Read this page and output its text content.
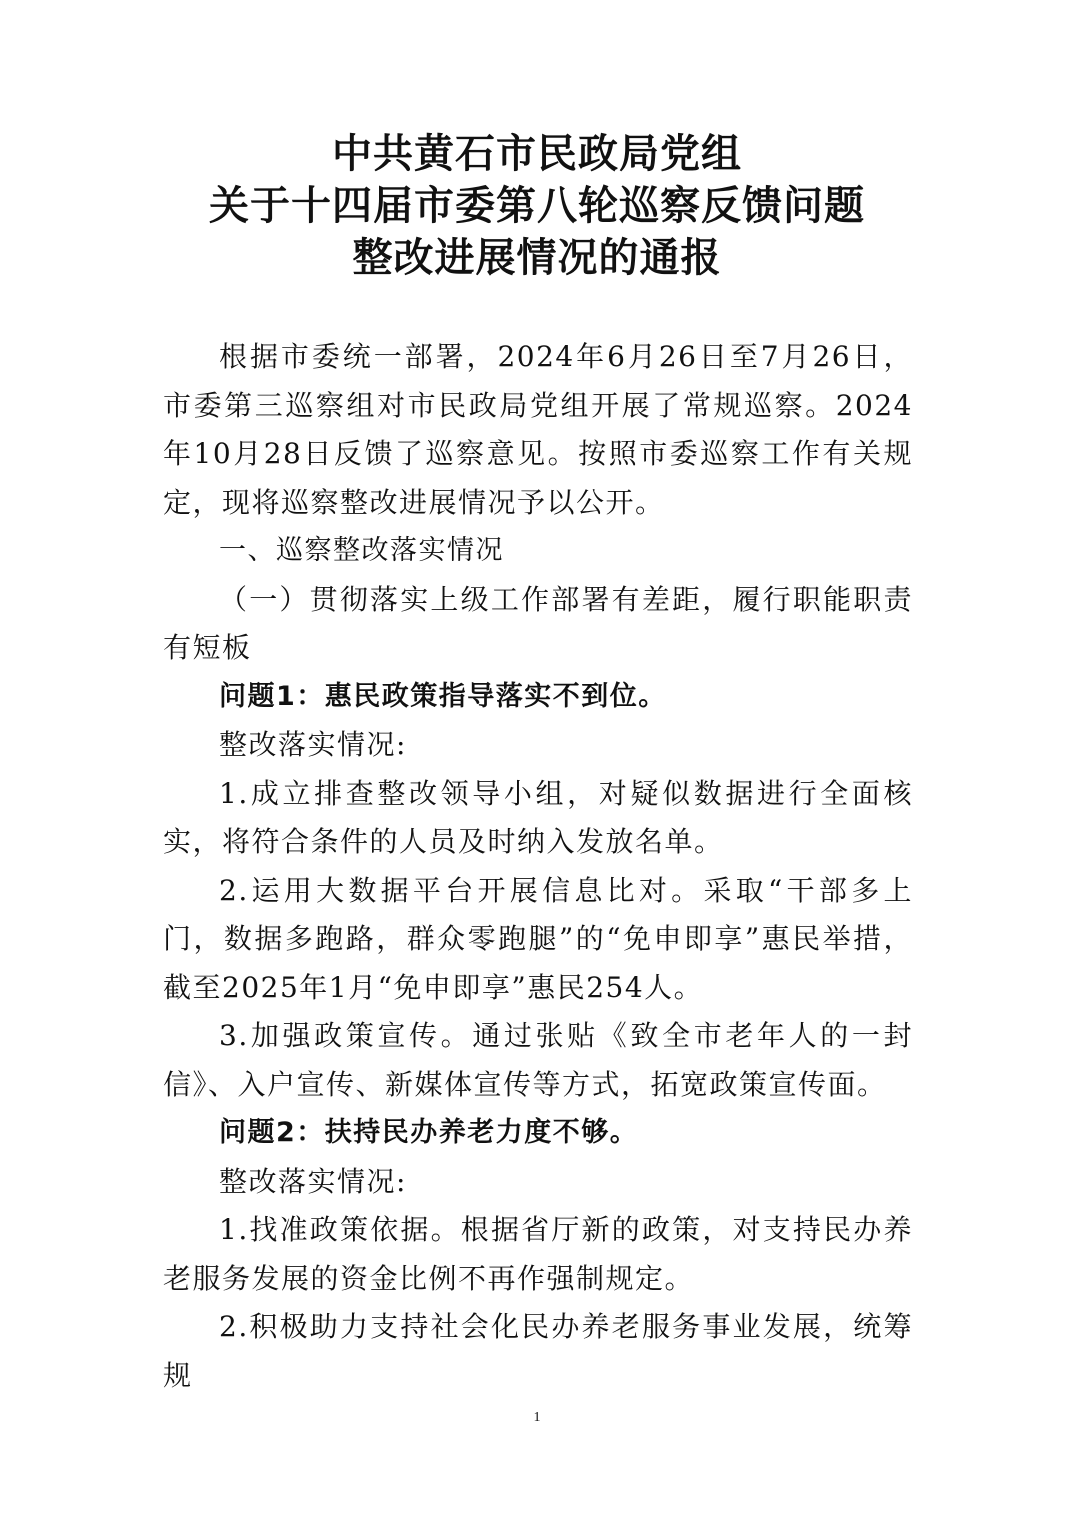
中共黄石市民政局党组
关于十四届市委第八轮巡察反馈问题
整改进展情况的通报

根据市委统一部署，2024年6月26日至7月26日，市委第三巡察组对市民政局党组开展了常规巡察。2024年10月28日反馈了巡察意见。按照市委巡察工作有关规定，现将巡察整改进展情况予以公开。

一、巡察整改落实情况

（一）贯彻落实上级工作部署有差距，履行职能职责有短板

问题1：惠民政策指导落实不到位。

整改落实情况:

1.成立排查整改领导小组，对疑似数据进行全面核实，将符合条件的人员及时纳入发放名单。

2.运用大数据平台开展信息比对。采取“干部多上门，数据多跑路，群众零跑腿”的“免申即享”惠民举措，截至2025年1月“免申即享”惠民254人。

3.加强政策宣传。通过张贴《致全市老年人的一封信》、入户宣传、新媒体宣传等方式，拓宽政策宣传面。

问题2：扶持民办养老力度不够。

整改落实情况:

1.找准政策依据。根据省厅新的政策，对支持民办养老服务发展的资金比例不再作强制规定。

2.积极助力支持社会化民办养老服务事业发展，统筹规

1
